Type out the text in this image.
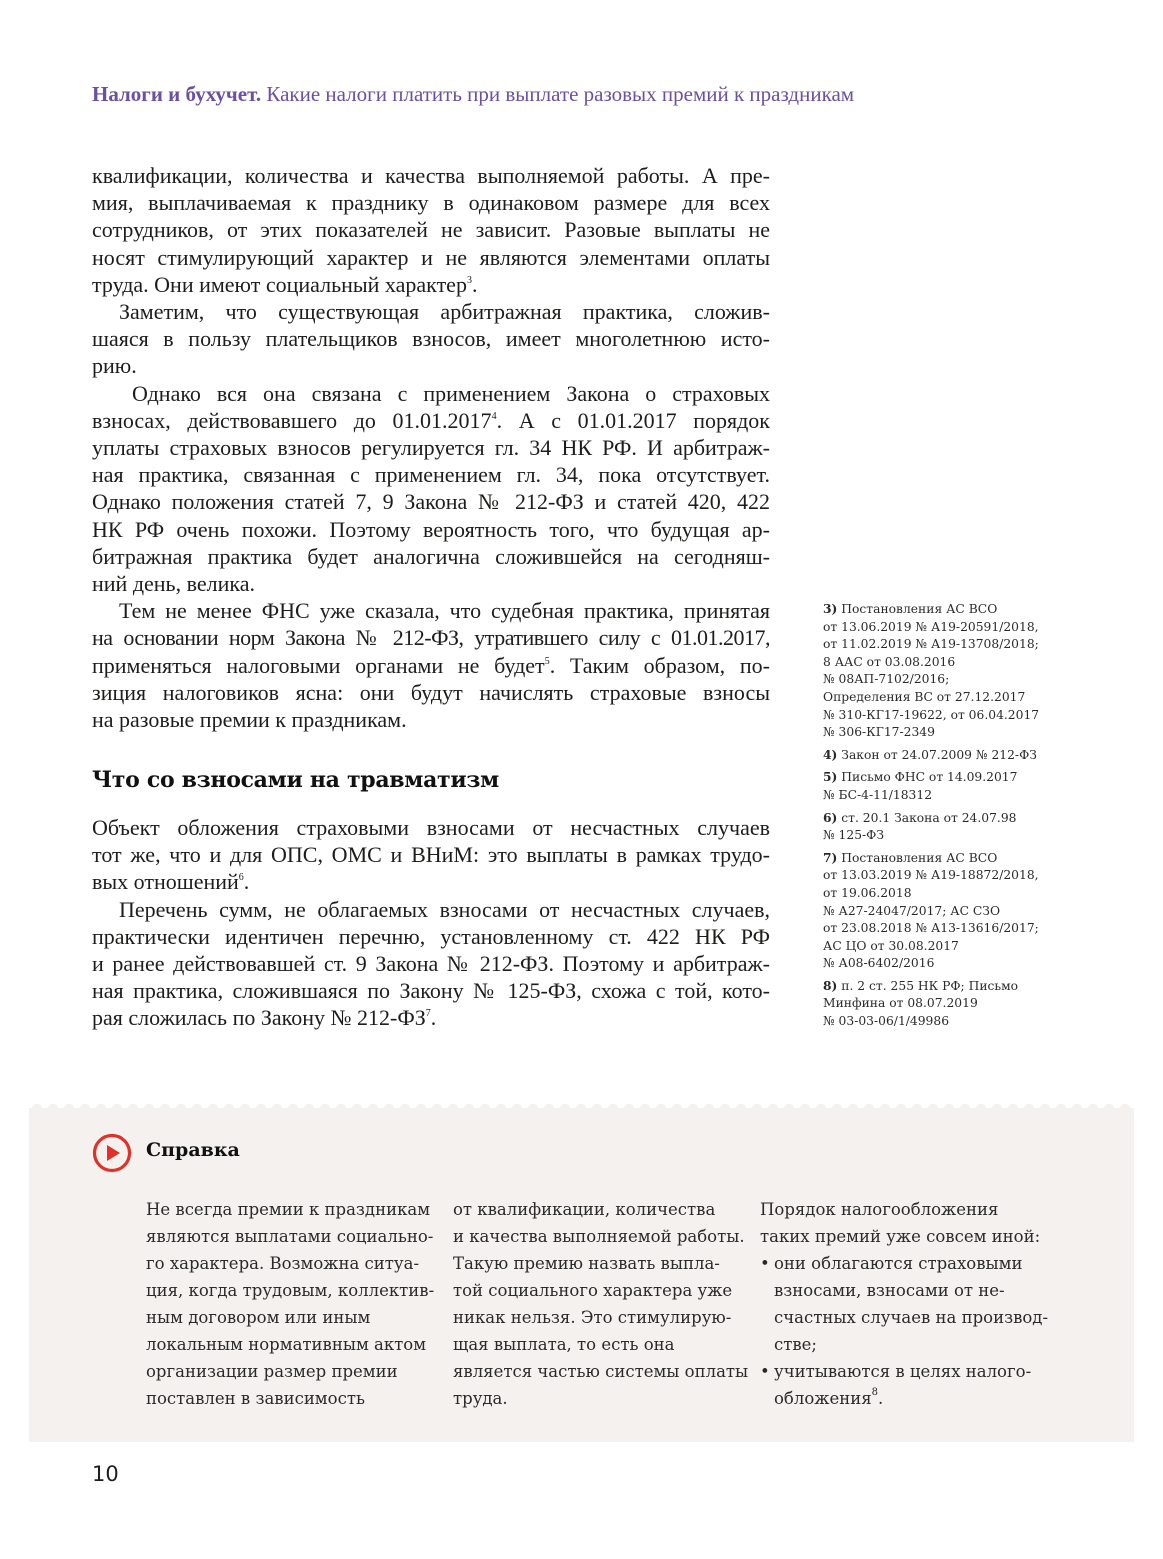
Налоги и бухучет. Какие налоги платить при выплате разовых премий к праздникам

квалификации, количества и качества выполняемой работы. А пре-
мия, выплачиваемая к празднику в одинаковом размере для всех
сотрудников, от этих показателей не зависит. Разовые выплаты не
носят стимулирующий характер и не являются элементами оплаты
труда. Они имеют социальный характер$^3$.

Заметим, что существующая арбитражная практика, сложив-
шаяся в пользу плательщиков взносов, имеет многолетнюю исто-
рию.

Однако вся она связана с применением Закона о страховых
взносах, действовавшего до 01.01.2017$^4$. А с 01.01.2017 порядок
уплаты страховых взносов регулируется гл. 34 НК РФ. И арбитраж-
ная практика, связанная с применением гл. 34, пока отсутствует.
Однако положения статей 7, 9 Закона № 212-ФЗ и статей 420, 422
НК РФ очень похожи. Поэтому вероятность того, что будущая ар-
битражная практика будет аналогична сложившейся на сегодняш-
ний день, велика.

Тем не менее ФНС уже сказала, что судебная практика, принятая
на основании норм Закона № 212-ФЗ, утратившего силу с 01.01.2017,
применяться налоговыми органами не будет$^5$. Таким образом, по-
зиция налоговиков ясна: они будут начислять страховые взносы
на разовые премии к праздникам.

Что со взносами на травматизм

Объект обложения страховыми взносами от несчастных случаев
тот же, что и для ОПС, ОМС и ВНиМ: это выплаты в рамках трудо-
вых отношений$^6$.

Перечень сумм, не облагаемых взносами от несчастных случаев,
практически идентичен перечню, установленному ст. 422 НК РФ
и ранее действовавшей ст. 9 Закона № 212-ФЗ. Поэтому и арбитраж-
ная практика, сложившаяся по Закону № 125-ФЗ, схожа с той, кото-
рая сложилась по Закону № $212-ФЗ^7$.

3) Постановления АС ВСО
от 13.06.2019 № А19-20591/2018,
от 11.02.2019 № А19-13708/2018;
8 ААС от 03.08.2016
№ 08АП-7102/2016;
Определения ВС от 27.12.2017
№ 310-КГ17-19622, от 06.04.2017
№ 306-КГ17-2349
4) Закон от 24.07.2009 № 212-ФЗ
5) Письмо ФНС от 14.09.2017
№ БС-4-11/18312
6) ст. 20.1 Закона от 24.07.98
№ 125-ФЗ
7) Постановления АС ВСО
от 13.03.2019 № А19-18872/2018,
от 19.06.2018
№ А27-24047/2017; АС СЗО
от 23.08.2018 № А13-13616/2017;
АС ЦО от 30.08.2017
№ А08-6402/2016
8) п. 2 ст. 255 НК РФ; Письмо
Минфина от 08.07.2019
№ 03-03-06/1/49986
Справка
Не всегда премии к праздникам
являются выплатами социально-
го характера. Возможна ситуа-
ция, когда трудовым, коллектив-
ным договором или иным
локальным нормативным актом
организации размер премии
поставлен в зависимость
от квалификации, количества
и качества выполняемой работы.
Такую премию назвать выпла-
той социального характера уже
никак нельзя. Это стимулирую-
щая выплата, то есть она
является частью системы оплаты
труда.
Порядок налогообложения
таких премий уже совсем иной:
• они облагаются страховыми
взносами, взносами от не-
счастных случаев на производ-
стве;
• учитываются в целях налого-
обложения$^8$.
10
